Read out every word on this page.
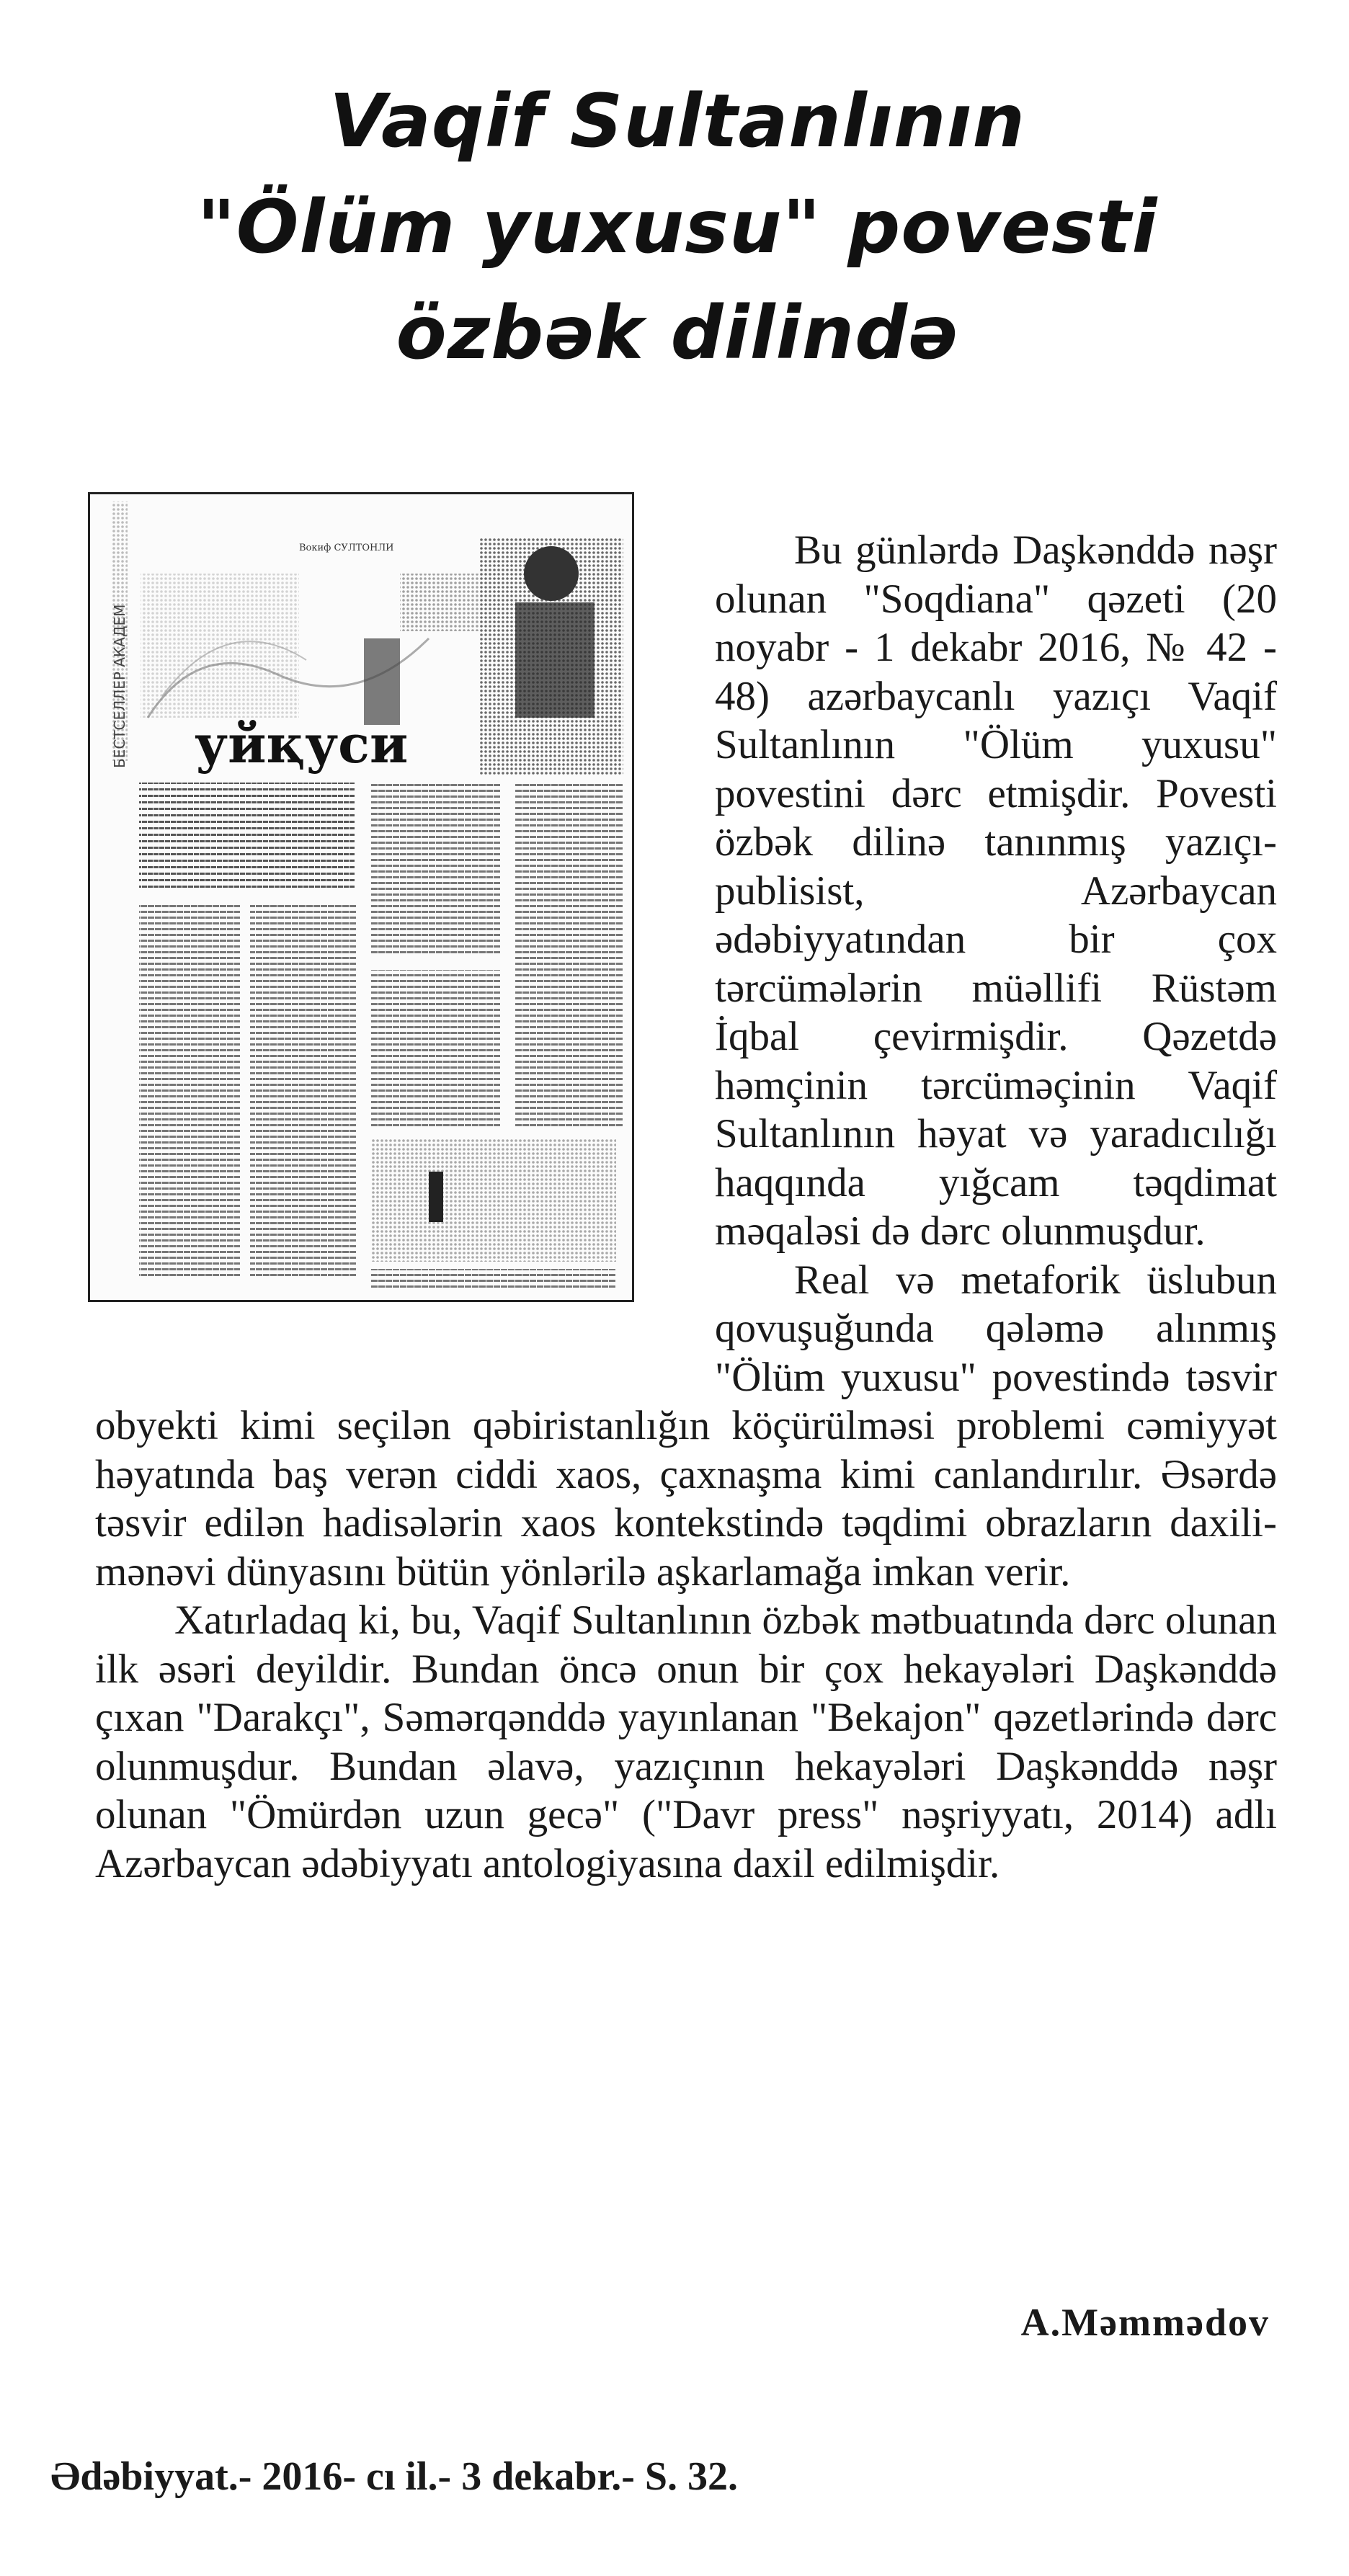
Vaqif Sultanlının
"Ölüm yuxusu" povesti
özbək dilində
БЕСТСЕЛЛЕР АКАДЕМ
Вокиф СУЛТОНЛИ
уйқуси

Bu günlərdə Daşkənddə nəşr olunan "Soqdiana" qəzeti (20 noyabr - 1 dekabr 2016, № 42 - 48) azərbaycanlı yazıçı Vaqif Sultanlının "Ölüm yuxusu" povestini dərc etmişdir. Povesti özbək dilinə tanınmış yazıçı-publisist, Azərbaycan ədəbiyyatından bir çox tərcümələrin müəllifi Rüstəm İqbal çevirmişdir. Qəzetdə həmçinin tərcüməçinin Vaqif Sultanlının həyat və yaradıcılığı haqqında yığcam təqdimat məqaləsi də dərc olunmuşdur.

Real və metaforik üslubun qovuşuğunda qələmə alınmış "Ölüm yuxusu" povestində təsvir obyekti kimi seçilən qəbiristanlığın köçürülməsi problemi cəmiyyət həyatında baş verən ciddi xaos, çaxnaşma kimi canlandırılır. Əsərdə təsvir edilən hadisələrin xaos kontekstində təqdimi obrazların daxili-mənəvi dünyasını bütün yönlərilə aşkarlamağa imkan verir.

Xatırladaq ki, bu, Vaqif Sultanlının özbək mətbuatında dərc olunan ilk əsəri deyildir. Bundan öncə onun bir çox hekayələri Daşkənddə çıxan "Darakçı", Səmərqənddə yayınlanan "Bekajon" qəzetlərində dərc olunmuşdur. Bundan əlavə, yazıçının hekayələri Daşkənddə nəşr olunan "Ömürdən uzun gecə" ("Davr press" nəşriyyatı, 2014) adlı Azərbaycan ədəbiyyatı antologiyasına daxil edilmişdir.

A.Məmmədov
Ədəbiyyat.- 2016- cı il.- 3 dekabr.- S. 32.
